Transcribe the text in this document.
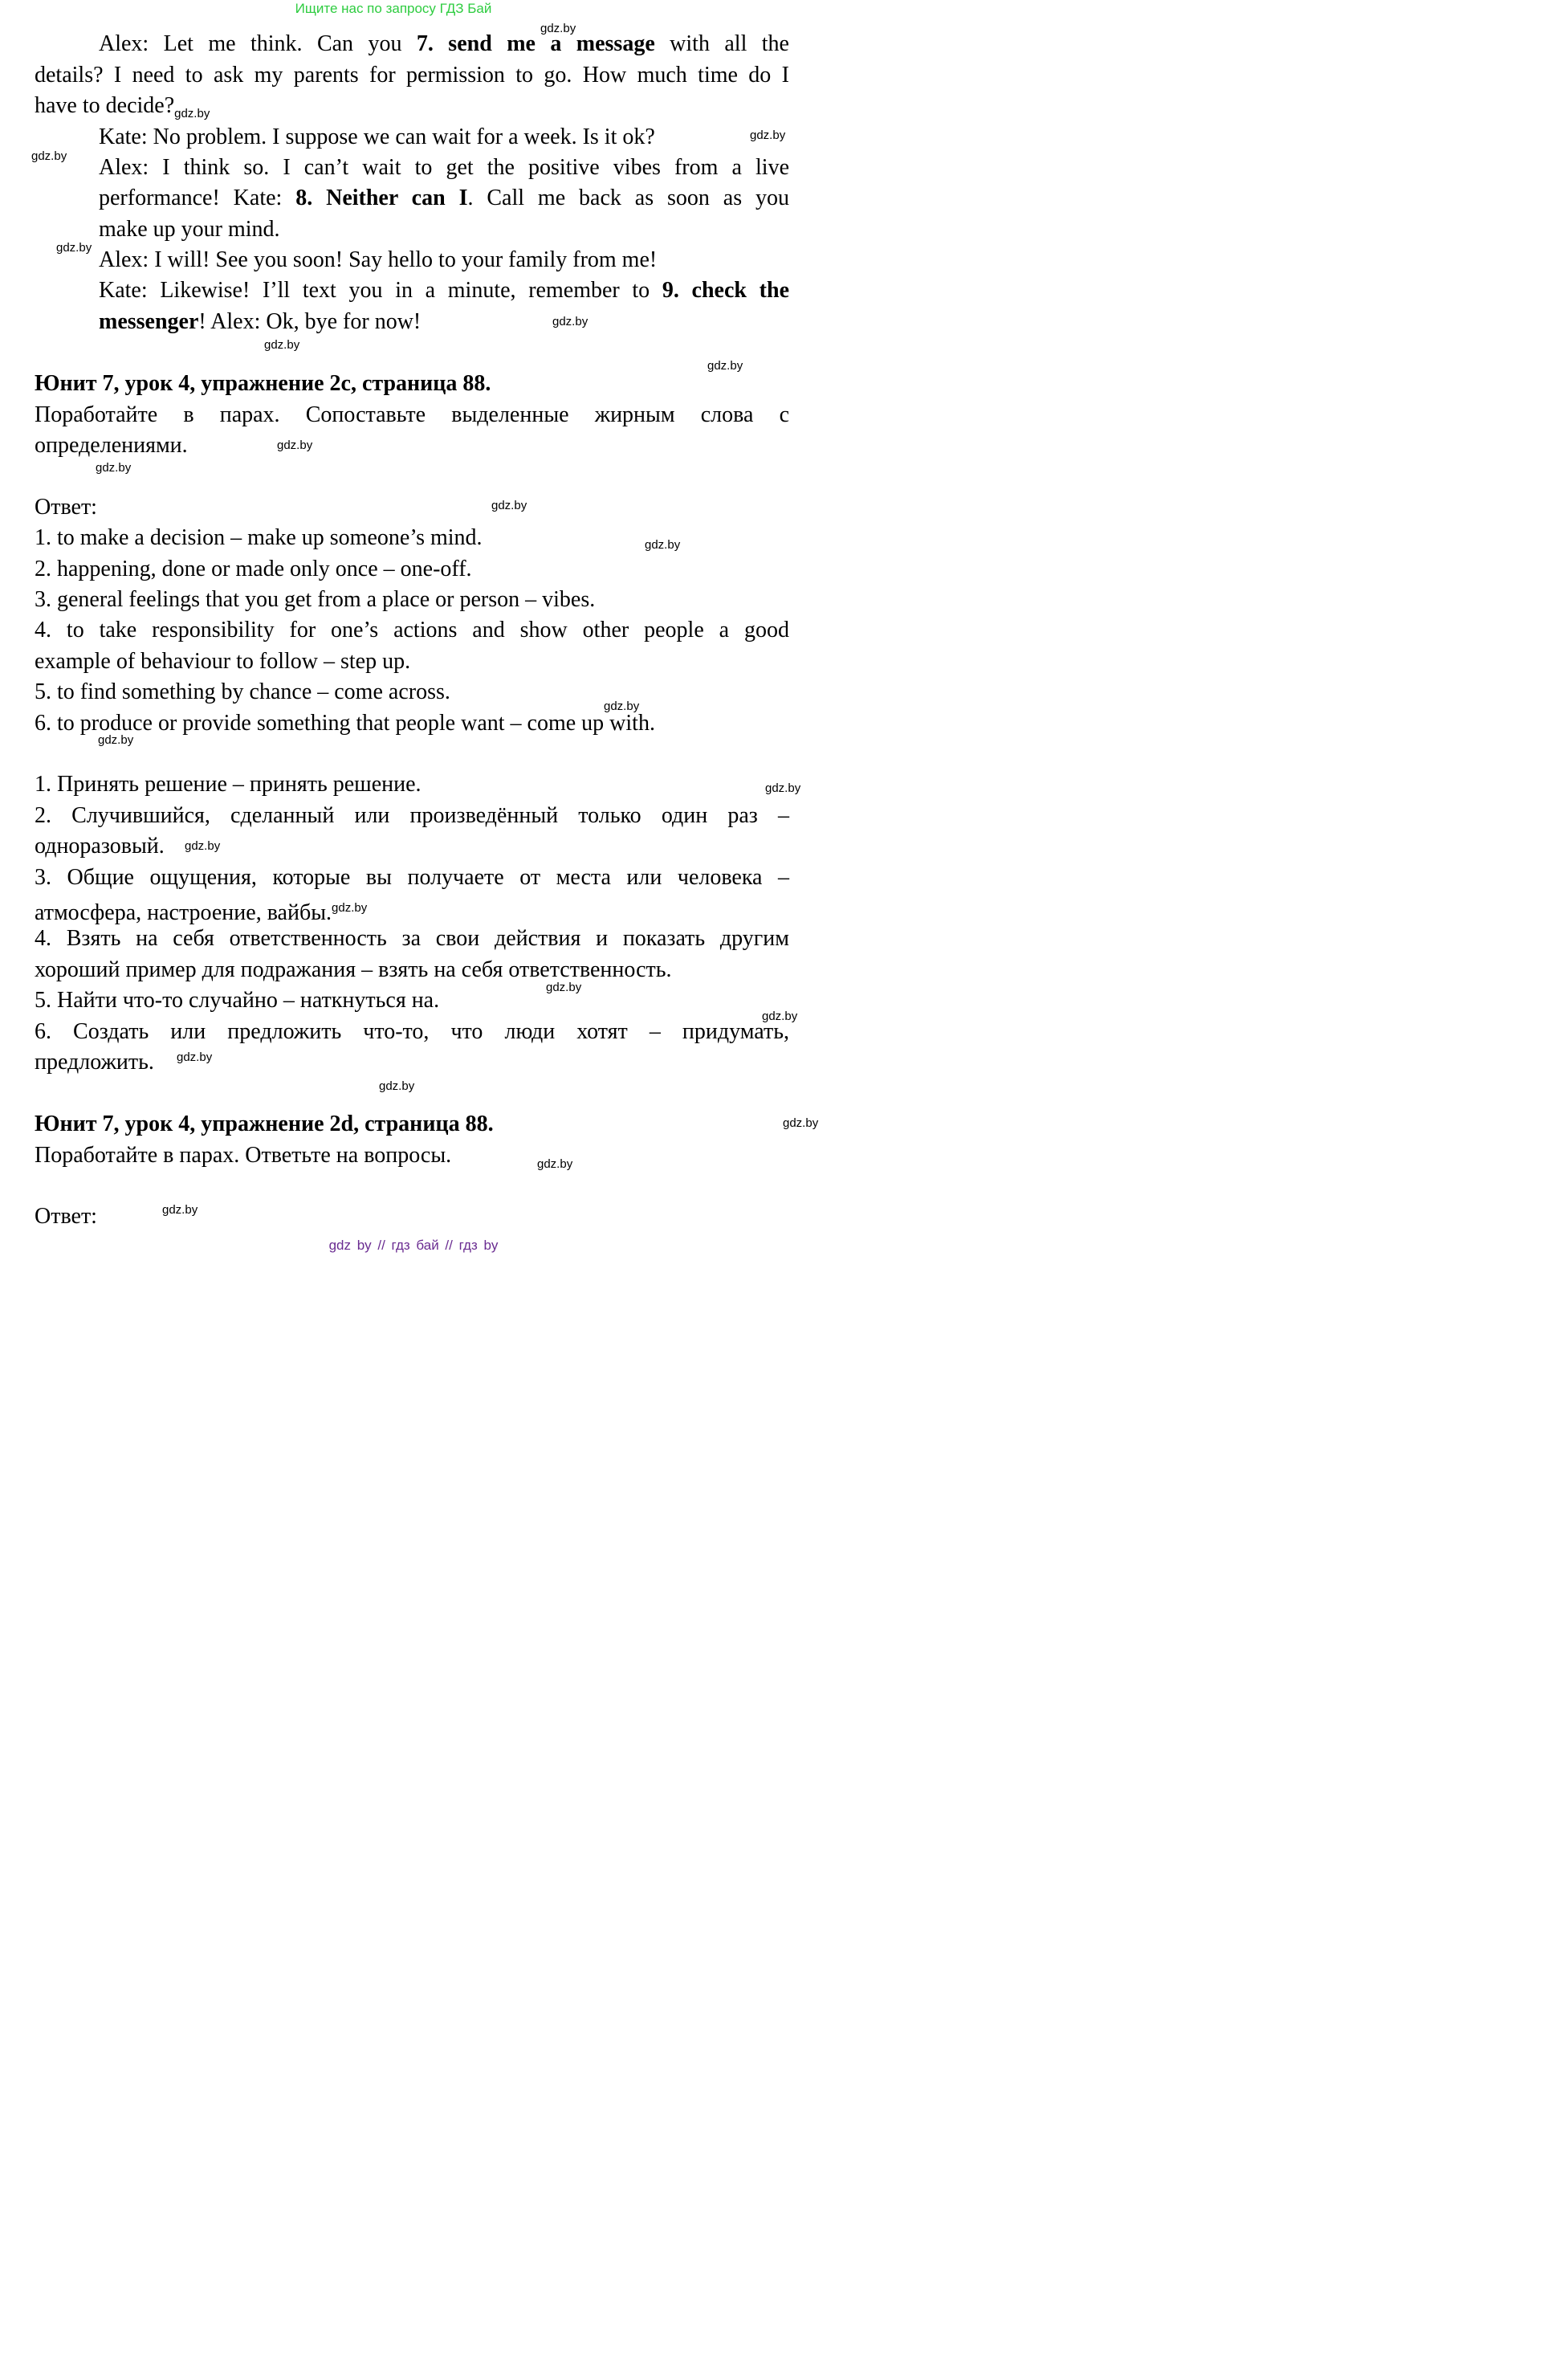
Ищите нас по запросу ГДЗ Бай
Alex: Let me think. Can you 7. send me a message with all the
details? I need to ask my parents for permission to go. How much time do I
have to $decide?_{gdz.by}$
Kate: No problem. I suppose we can wait for a week. Is it ok?
Alex: I think so. I can’t wait to get the positive vibes from a live
performance! Kate: 8. Neither can I. Call me back as soon as you
make up your mind.
Alex: I will! See you soon! Say hello to your family from me!
Kate: Likewise! I’ll text you in a minute, remember to 9. check the
messenger! Alex: Ok, bye for now!
Юнит 7, урок 4, упражнение 2c, страница 88.
Поработайте в парах. Сопоставьте выделенные жирным слова с
определениями.
Ответ:
1. to make a decision – make up someone’s mind.
2. happening, done or made only once – one-off.
3. general feelings that you get from a place or person – vibes.
4. to take responsibility for one’s actions and show other people a good
example of behaviour to follow – step up.
5. to find something by chance – come across.
6. to produce or provide something that people want – come up with.
1. Принять решение – принять решение.
2. Случившийся, сделанный или произведённый только один раз –
одноразовый.
3. Общие ощущения, которые вы получаете от места или человека –
атмосфера, настроение, вайбы.$^{gdz.by}$
4. Взять на себя ответственность за свои действия и показать другим
хороший пример для подражания – взять на себя ответственность.
5. Найти что-то случайно – наткнуться на.
6. Создать или предложить что-то, что люди хотят – придумать,
предложить.
Юнит 7, урок 4, упражнение 2d, страница 88.
Поработайте в парах. Ответьте на вопросы.
Ответ:
gdz.by
gdz.by
gdz.by
gdz.by
gdz.by
gdz.by
gdz.by
gdz.by
gdz.by
gdz.by
gdz.by
gdz.by
gdz.by
gdz.by
gdz.by
gdz.by
gdz.by
gdz.by
gdz.by
gdz.by
gdz.by
gdz.by
gdz by // гдз бай // гдз by
